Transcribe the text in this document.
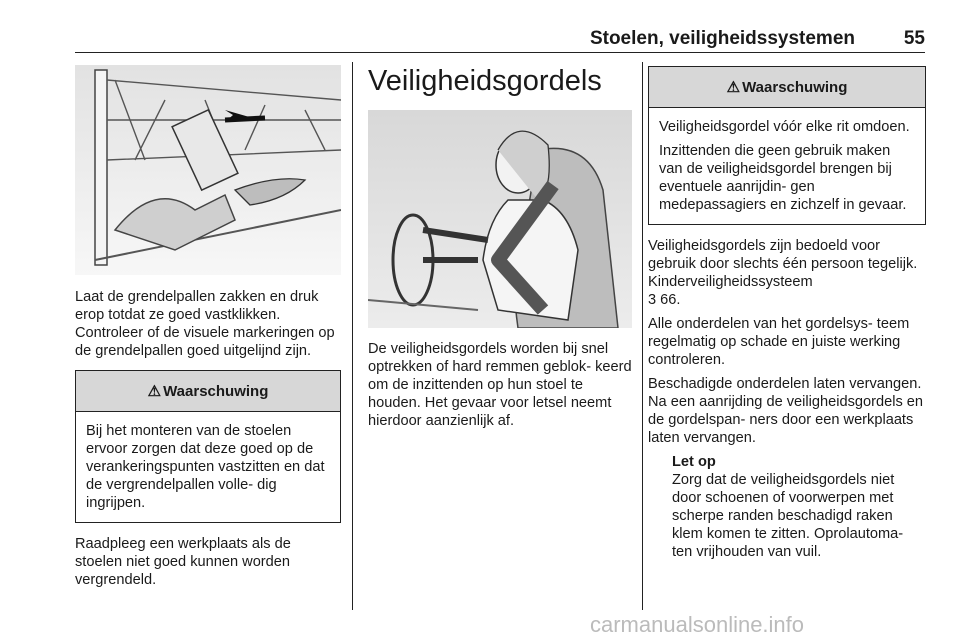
Stoelen, veiligheidssystemen	55

Laat de grendelpallen zakken en druk erop totdat ze goed vastklikken. Controleer of de visuele markeringen op de grendelpallen goed uitgelijnd zijn.

⚠ Waarschuwing

Bij het monteren van de stoelen ervoor zorgen dat deze goed op de verankeringspunten vastzitten en dat de vergrendelpallen volle- dig ingrijpen.

Raadpleeg een werkplaats als de stoelen niet goed kunnen worden vergrendeld.

Veiligheidsgordels

De veiligheidsgordels worden bij snel optrekken of hard remmen geblok- keerd om de inzittenden op hun stoel te houden. Het gevaar voor letsel neemt hierdoor aanzienlijk af.

⚠ Waarschuwing

Veiligheidsgordel vóór elke rit omdoen.

Inzittenden die geen gebruik maken van de veiligheidsgordel brengen bij eventuele aanrijdin- gen medepassagiers en zichzelf in gevaar.

Veiligheidsgordels zijn bedoeld voor gebruik door slechts één persoon tegelijk. Kinderveiligheidssysteem

3 66.

Alle onderdelen van het gordelsys- teem regelmatig op schade en juiste werking controleren.

Beschadigde onderdelen laten vervangen. Na een aanrijding de veiligheidsgordels en de gordelspan- ners door een werkplaats laten vervangen.

Let op

Zorg dat de veiligheidsgordels niet door schoenen of voorwerpen met scherpe randen beschadigd raken klem komen te zitten. Oprolautoma- ten vrijhouden van vuil.

carmanualsonline.info
